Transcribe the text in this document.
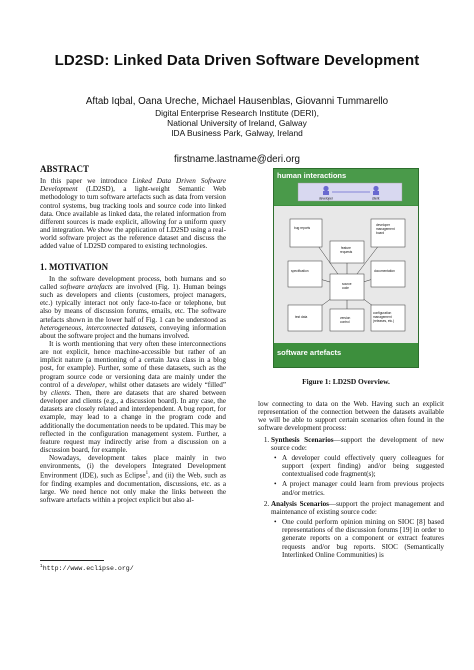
LD2SD: Linked Data Driven Software Development
Aftab Iqbal, Oana Ureche, Michael Hausenblas, Giovanni Tummarello
Digital Enterprise Research Institute (DERI),
National University of Ireland, Galway
IDA Business Park, Galway, Ireland
firstname.lastname@deri.org
ABSTRACT

In this paper we introduce Linked Data Driven Software Development (LD2SD), a light-weight Semantic Web methodology to turn software artefacts such as data from version control systems, bug tracking tools and source code into linked data. Once available as linked data, the related information from different sources is made explicit, allowing for a uniform query and integration. We show the application of LD2SD using a real-world software project as the reference dataset and discuss the added value of LD2SD compared to existing technologies.

1. MOTIVATION

In the software development process, both humans and so called software artefacts are involved (Fig. 1). Human beings such as developers and clients (customers, project managers, etc.) typically interact not only face-to-face or telephone, but also by means of discussion forums, emails, etc. The software artefacts shown in the lower half of Fig. 1 can be understood as heterogeneous, interconnected datasets, conveying information about the software project and the humans involved.

It is worth mentioning that very often these interconnections are not explicit, hence machine-accessible but rather of an implicit nature (a mentioning of a certain Java class in a blog post, for example). Further, some of these datasets, such as the program source code or versioning data are mainly under the control of a developer, whilst other datasets are widely “filled” by clients. Then, there are datasets that are shared between developer and clients (e.g., a discussion board). In any case, the datasets are closely related and interdependent. A bug report, for example, may lead to a change in the program code and additionally the documentation needs to be updated. This may be reflected in the configuration management system. Further, a feature request may indirectly arise from a discussion on a discussion board, for example.

Nowadays, development takes place mainly in two environments, (i) the developers Integrated Development Environment (IDE), such as Eclipse$^1$, and (ii) the Web, such as for finding examples and documentation, discussions, etc. as a large. We need hence not only make the links between the software artefacts within a project explicit but also al-

$^1$http://www.eclipse.org/
human interactions
developer	client
bug reports
developer
management
board
feature
requests
specification	documentation
source
code
test data	version
control
configuration
management
(releases, etc.)
software artefacts
Figure 1: LD2SD Overview.

low connecting to data on the Web. Having such an explicit representation of the connection between the datasets available we will be able to support certain scenarios often found in the software development process:

1. Synthesis Scenarios—support the development of new source code:
• A developer could effectively query colleagues for support (expert finding) and/or being suggested contextualised code fragment(s);
• A project manager could learn from previous projects and/or metrics.
2. Analysis Scenarios—support the project management and maintenance of existing source code:
• One could perform opinion mining on SIOC [8] based representations of the discussion forums [19] in order to generate reports on a component or extract features requests and/or bug reports. SIOC (Semantically Interlinked Online Communities) is
